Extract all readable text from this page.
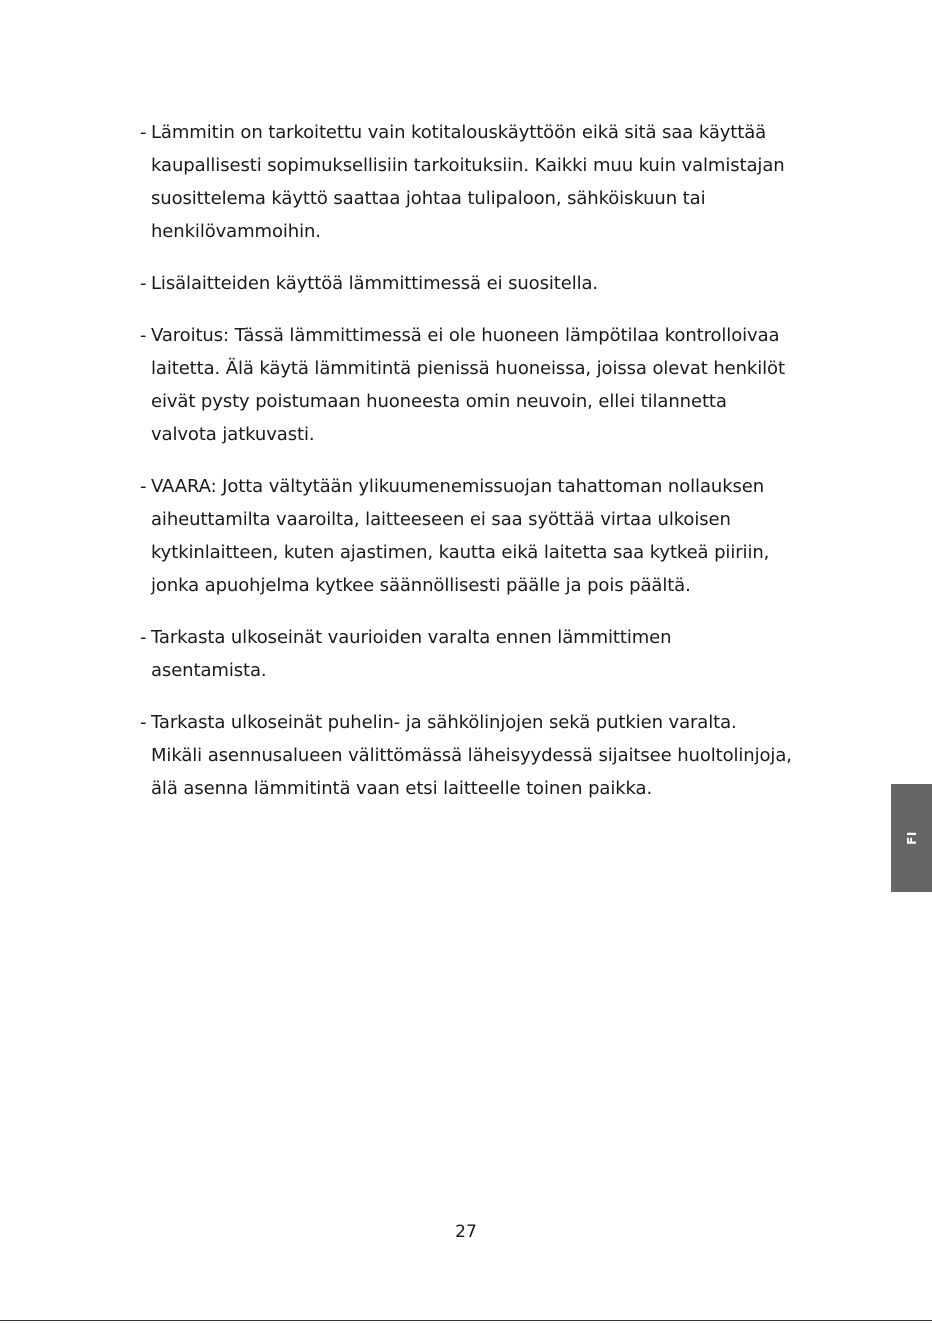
- Lämmitin on tarkoitettu vain kotitalouskäyttöön eikä sitä saa käyttää
kaupallisesti sopimuksellisiin tarkoituksiin. Kaikki muu kuin valmistajan
suosittelema käyttö saattaa johtaa tulipaloon, sähköiskuun tai
henkilövammoihin.
- Lisälaitteiden käyttöä lämmittimessä ei suositella.
- Varoitus: Tässä lämmittimessä ei ole huoneen lämpötilaa kontrolloivaa
laitetta. Älä käytä lämmitintä pienissä huoneissa, joissa olevat henkilöt
eivät pysty poistumaan huoneesta omin neuvoin, ellei tilannetta
valvota jatkuvasti.
- VAARA: Jotta vältytään ylikuumenemissuojan tahattoman nollauksen
aiheuttamilta vaaroilta, laitteeseen ei saa syöttää virtaa ulkoisen
kytkinlaitteen, kuten ajastimen, kautta eikä laitetta saa kytkeä piiriin,
jonka apuohjelma kytkee säännöllisesti päälle ja pois päältä.
- Tarkasta ulkoseinät vaurioiden varalta ennen lämmittimen
asentamista.
- Tarkasta ulkoseinät puhelin- ja sähkölinjojen sekä putkien varalta.
Mikäli asennusalueen välittömässä läheisyydessä sijaitsee huoltolinjoja,
älä asenna lämmitintä vaan etsi laitteelle toinen paikka.
FI
27
